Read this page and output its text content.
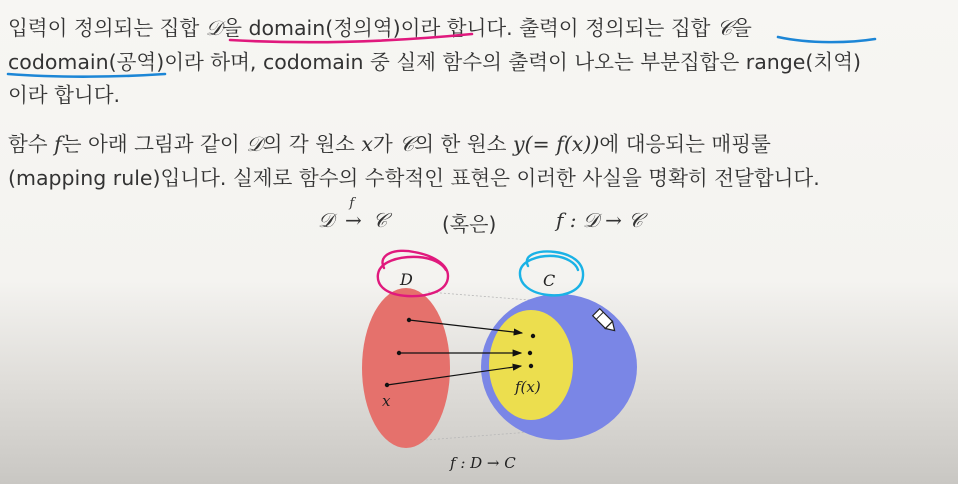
입력이 정의되는 집합 𝒟을 domain(정의역)이라 합니다. 출력이 정의되는 집합 𝒞을
codomain(공역)이라 하며, codomain 중 실제 함수의 출력이 나오는 부분집합은 range(치역)
이라 합니다.

함수 f는 아래 그림과 같이 𝒟의 각 원소 x가 𝒞의 한 원소 y(= f(x))에 대응되는 매핑룰
(mapping rule)입니다. 실제로 함수의 수학적인 표현은 이러한 사실을 명확히 전달합니다.

𝒟
f
→ 𝒞	(혹은)	f : 𝒟 → 𝒞
D	C
x
f(x)
f : D → C
